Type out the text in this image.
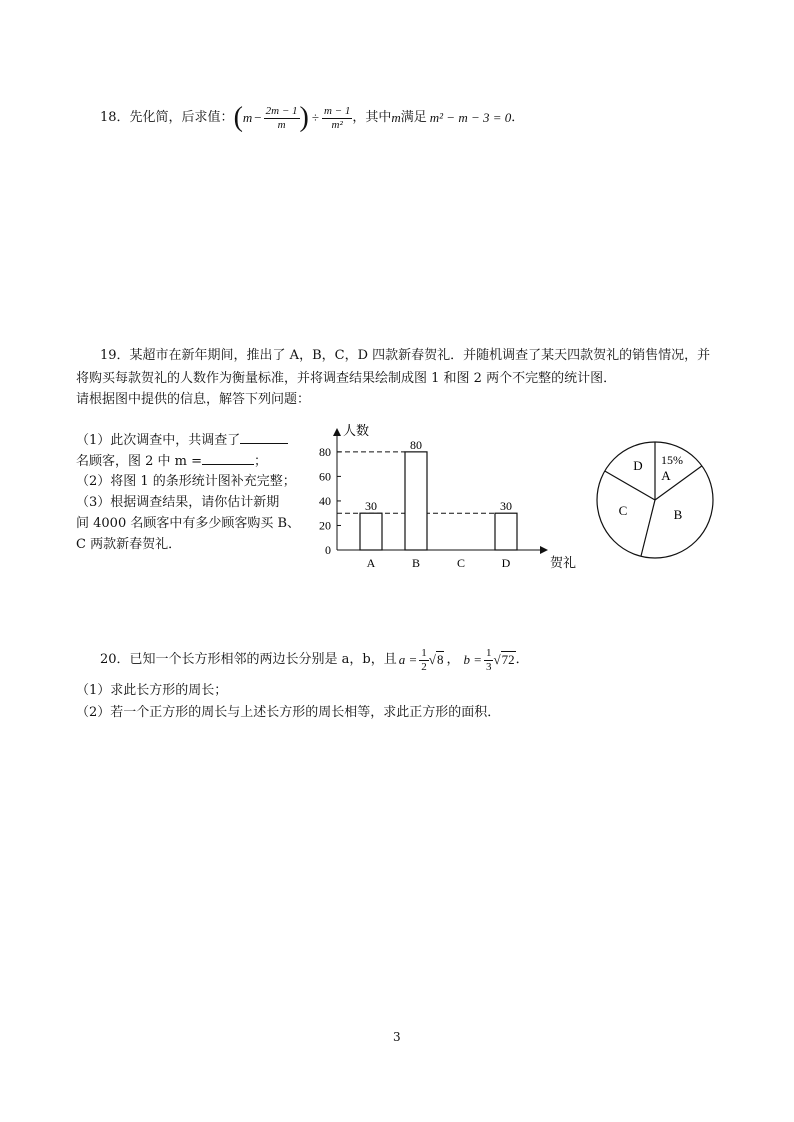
18． 先化简，后求值： ( $m - \frac{2m - 1}{m}$ ) ÷ $\frac{m - 1}{\text{m²}}$ ，其中 m 满足 m² − m − 3 = 0 ．
19．某超市在新年期间，推出了 A，B，C，D 四款新春贺礼．并随机调查了某天四款贺礼的销售情况，并
将购买每款贺礼的人数作为衡量标准，并将调查结果绘制成图 1 和图 2 两个不完整的统计图．
请根据图中提供的信息，解答下列问题：
（1）此次调查中，共调查了
名顾客，图 2 中 m =	；
（2）将图 1 的条形统计图补充完整；
（3）根据调查结果，请你估计新期
间 4000 名顾客中有多少顾客购买 B、
C 两款新春贺礼．
人数
贺礼
0
20
40
60
80
30
A
80
B	C
30
D
A
B
C
D 15%
20． 已知一个长方形相邻的两边长分别是 a，b，且 $a = \frac{1}{2} √8$ ， $b = \frac{1}{3} √72$ ．
（1）求此长方形的周长；
（2）若一个正方形的周长与上述长方形的周长相等，求此正方形的面积．
3
